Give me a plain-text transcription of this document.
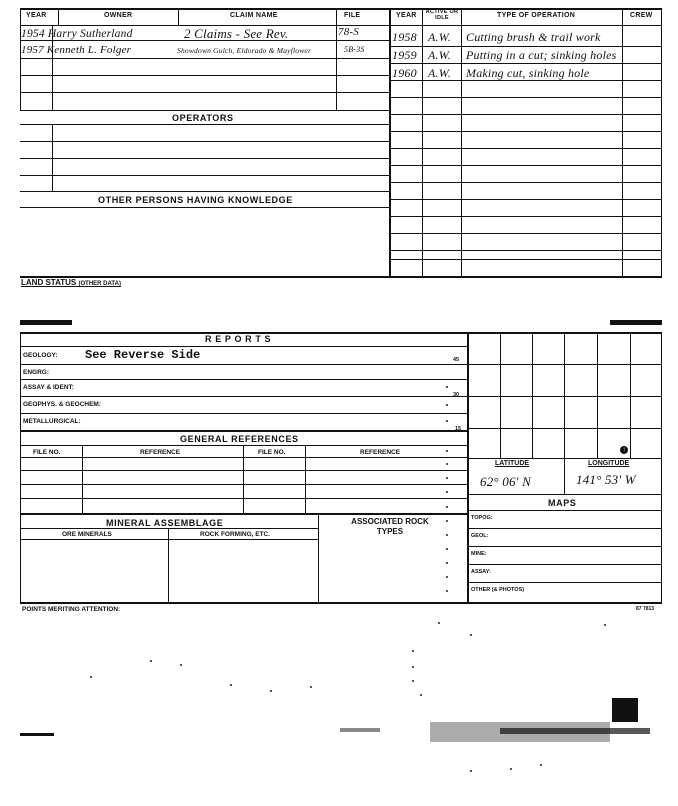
YEAR	OWNER	CLAIM NAME	FILE	YEAR ACTIVE OR IDLE	TYPE OF OPERATION	CREW
1954 Harry Sutherland	2 Claims - See Rev.	78-S
1957 Kenneth L. Folger	Showdown Gulch, Eldorado & Mayflower	5B-3S
1958 A.W. Cutting brush & trail work
1959 A.W. Putting in a cut; sinking holes
1960 A.W. Making cut, sinking hole
OPERATORS
OTHER PERSONS HAVING KNOWLEDGE
LAND STATUS (OTHER DATA)
R E P O R T S
GEOLOGY: See Reverse Side
ENGRG:
ASSAY & IDENT:
GEOPHYS. & GEOCHEM:
METALLURGICAL:
45
30
15
GENERAL REFERENCES
FILE NO.	REFERENCE	FILE NO.	REFERENCE
MINERAL ASSEMBLAGE	ASSOCIATED ROCK TYPES
ORE MINERALS	ROCK FORMING, ETC.
↑
LATITUDE	LONGITUDE
62° 06' N	141° 53' W
MAPS
TOPOG:
GEOL:
MINE:
ASSAY:
OTHER (& PHOTOS)
POINTS MERITING ATTENTION:	87 7813
